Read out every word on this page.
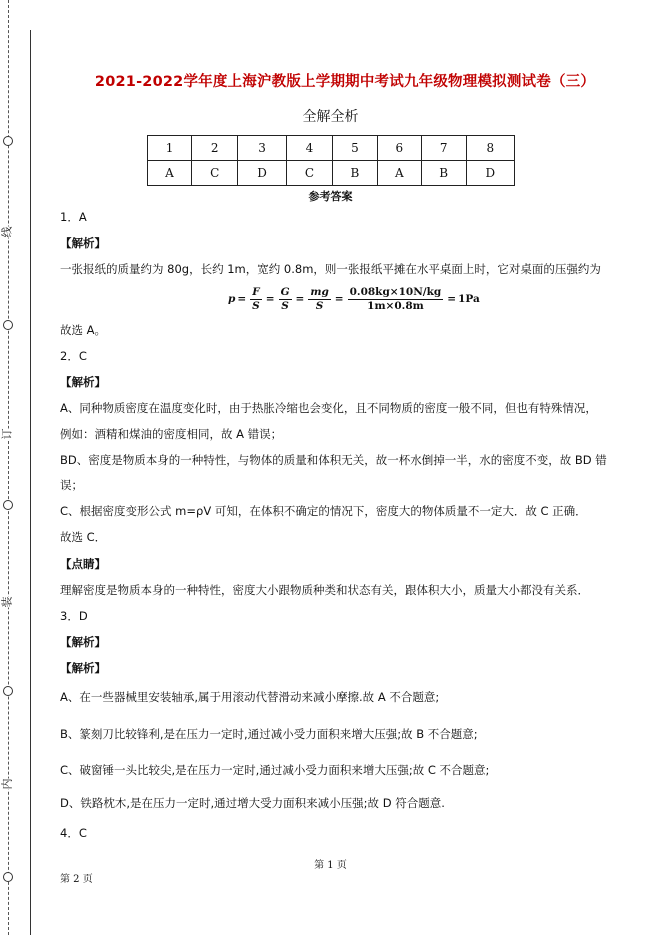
线
订
装
内
2021-2022学年度上海沪教版上学期期中考试九年级物理模拟测试卷（三）
全解全析
1	2	3	4	5	6	7	8
A	C	D	C	B	A	B	D
参考答案
1．A
【解析】
一张报纸的质量约为 80g，长约 1m，宽约 0.8m，则一张报纸平摊在水平桌面上时，它对桌面的压强约为
$p = \frac{F}{S} = \frac{G}{S} = \frac{mg}{S} = \frac{0.08kg\times 10N/kg}{1m\times 0.8m} = 1Pa$
故选 A。
2．C
【解析】
A、同种物质密度在温度变化时，由于热胀冷缩也会变化，且不同物质的密度一般不同，但也有特殊情况，
例如：酒精和煤油的密度相同，故 A 错误；
BD、密度是物质本身的一种特性，与物体的质量和体积无关，故一杯水倒掉一半，水的密度不变，故 BD 错
误；
C、根据密度变形公式 m=ρV 可知，在体积不确定的情况下，密度大的物体质量不一定大．故 C 正确．
故选 C．
【点睛】
理解密度是物质本身的一种特性，密度大小跟物质种类和状态有关，跟体积大小，质量大小都没有关系．
3．D
【解析】
【解析】
A、在一些器械里安装轴承,属于用滚动代替滑动来减小摩擦.故 A 不合题意;
B、篆刻刀比较锋利,是在压力一定时,通过减小受力面积来增大压强;故 B 不合题意;
C、破窗锤一头比较尖,是在压力一定时,通过减小受力面积来增大压强;故 C 不合题意;
D、铁路枕木,是在压力一定时,通过增大受力面积来减小压强;故 D 符合题意.
4．C
第 1 页
第 2 页
